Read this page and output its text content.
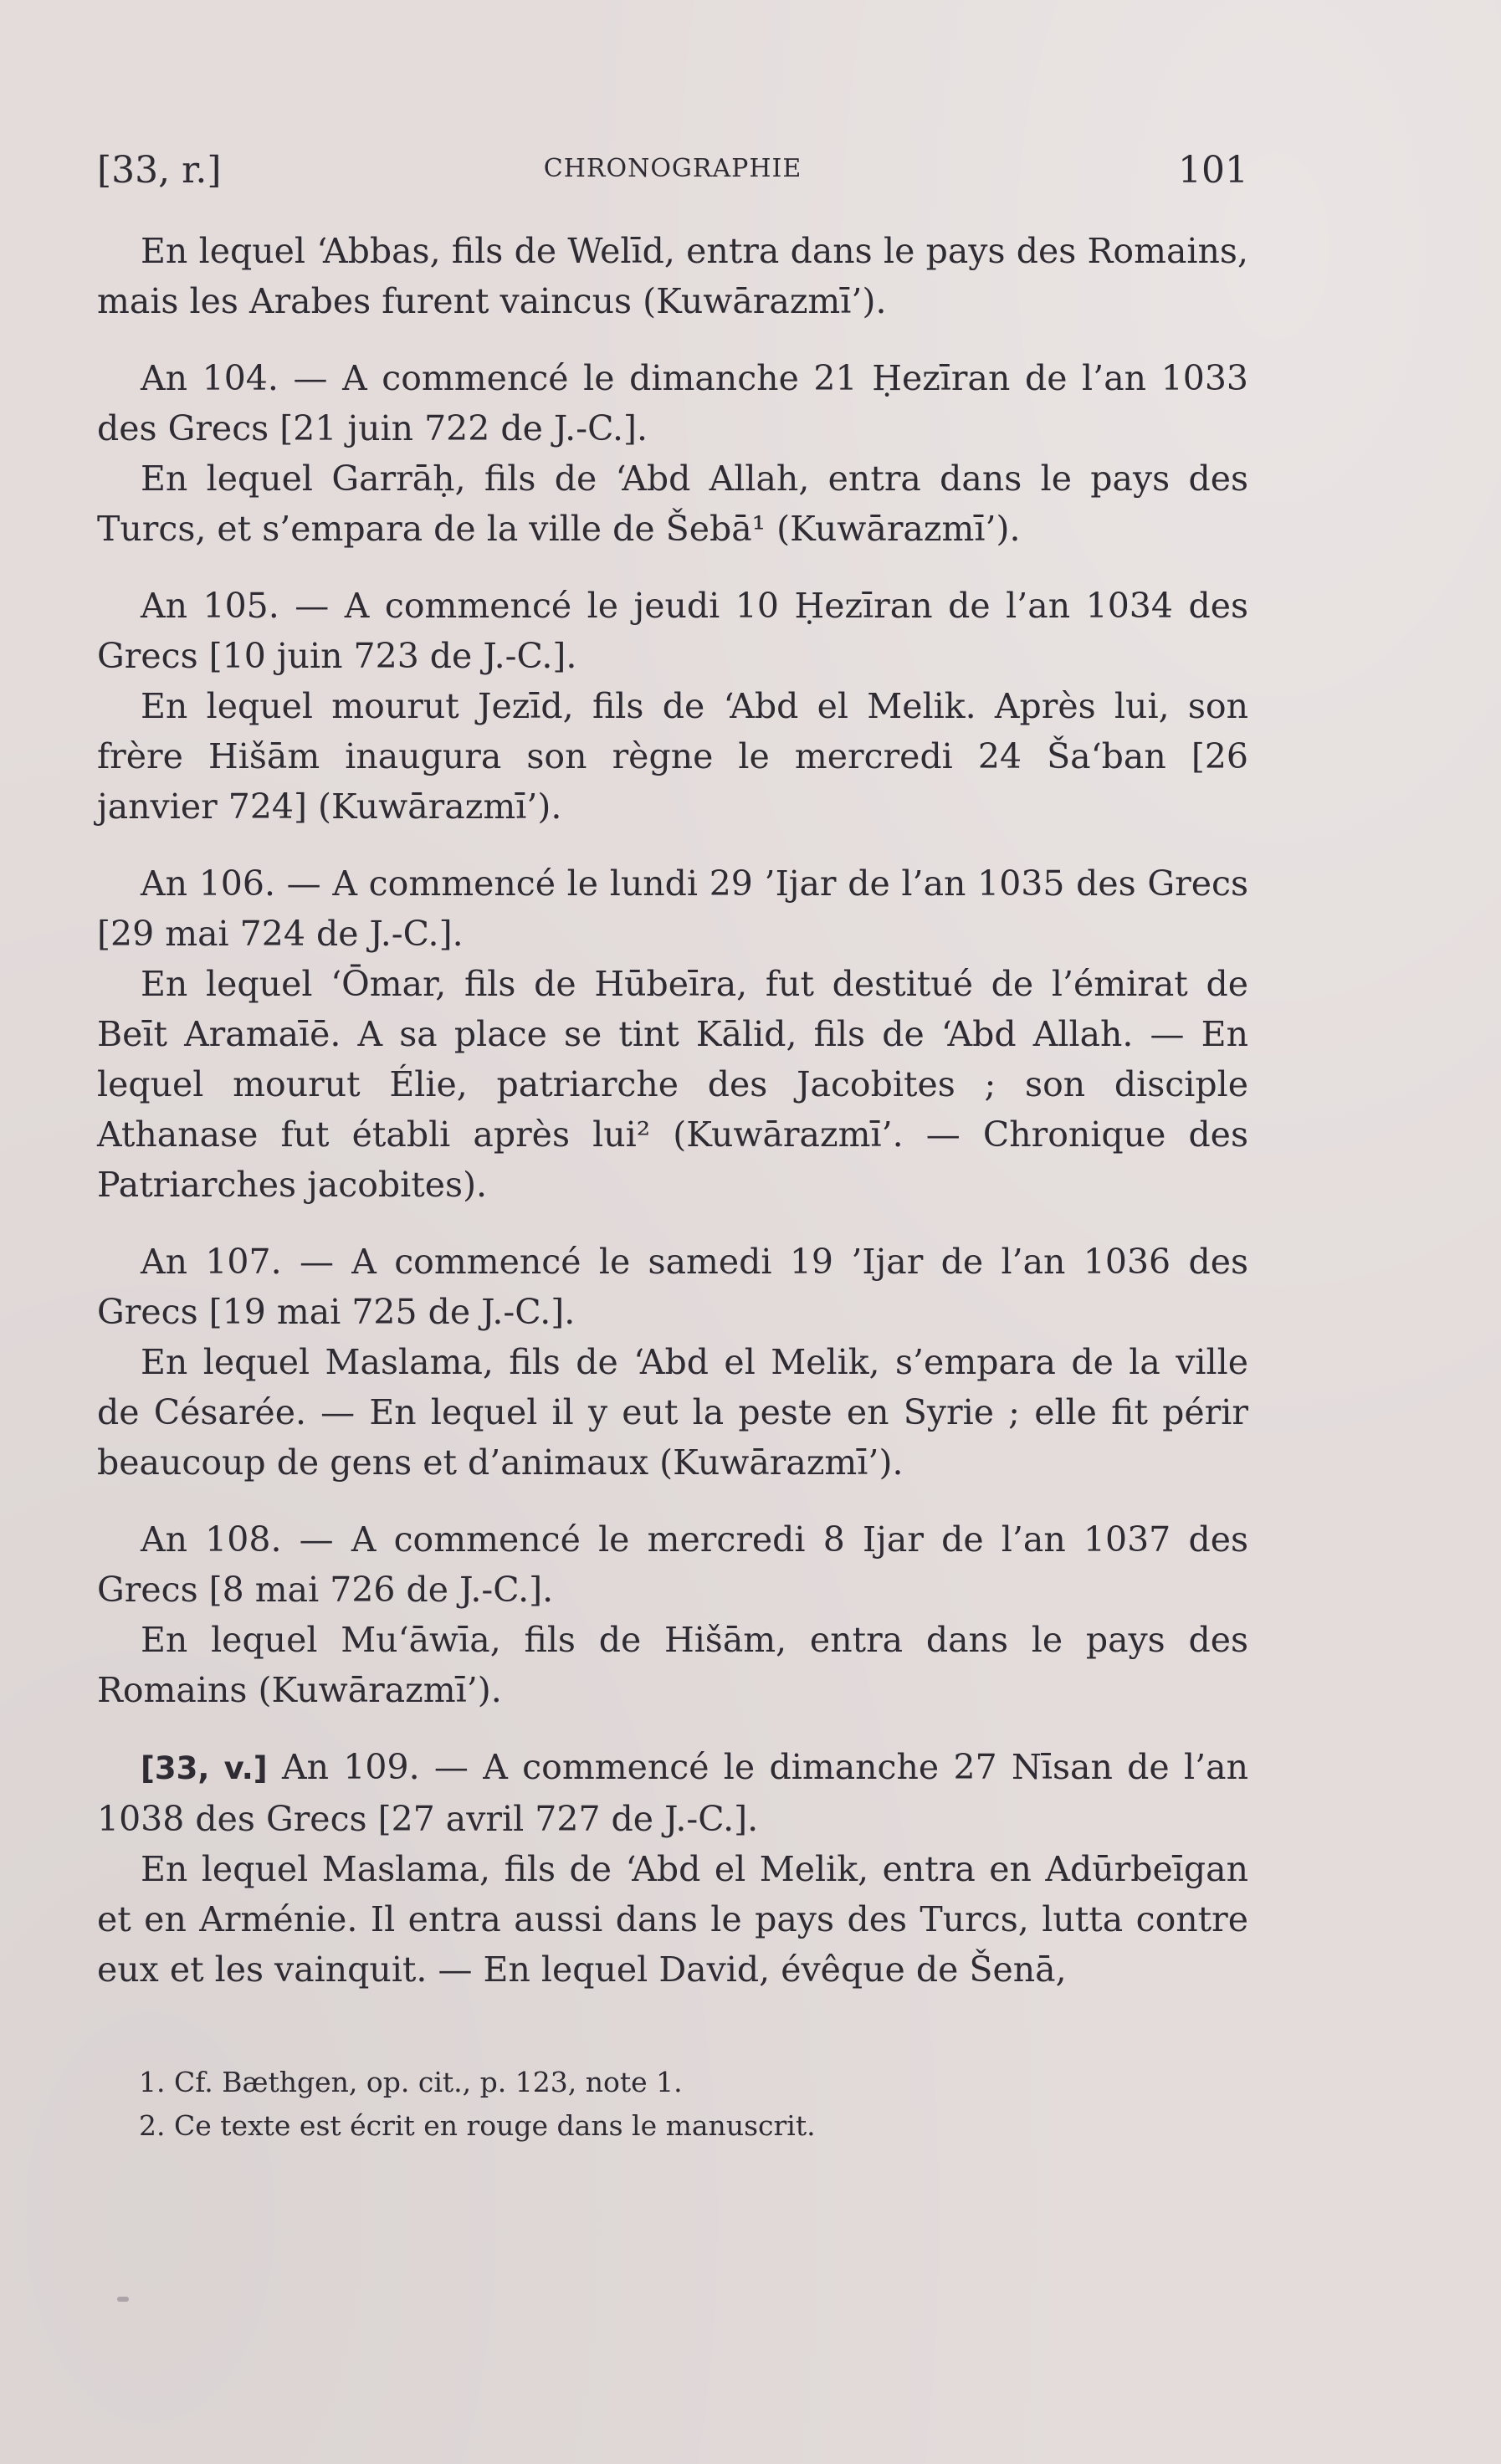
[33, r.]	CHRONOGRAPHIE	101

En lequel ‘Abbas, fils de Welīd, entra dans le pays des Romains, mais les Arabes furent vaincus (Kuwārazmī’).

An 104. — A commencé le dimanche 21 Ḥezīran de l’an 1033 des Grecs [21 juin 722 de J.-C.].

En lequel Garrāḥ, fils de ‘Abd Allah, entra dans le pays des Turcs, et s’empara de la ville de Šebā¹ (Kuwārazmī’).

An 105. — A commencé le jeudi 10 Ḥezīran de l’an 1034 des Grecs [10 juin 723 de J.-C.].

En lequel mourut Jezīd, fils de ‘Abd el Melik. Après lui, son frère Hišām inaugura son règne le mercredi 24 Ša‘ban [26 janvier 724] (Kuwārazmī’).

An 106. — A commencé le lundi 29 ’Ijar de l’an 1035 des Grecs [29 mai 724 de J.-C.].

En lequel ‘Ōmar, fils de Hūbeīra, fut destitué de l’émirat de Beīt Aramaīē. A sa place se tint Kālid, fils de ‘Abd Allah. — En lequel mourut Élie, patriarche des Jacobites ; son disciple Athanase fut établi après lui² (Kuwārazmī’. — Chronique des Patriarches jacobites).

An 107. — A commencé le samedi 19 ’Ijar de l’an 1036 des Grecs [19 mai 725 de J.-C.].

En lequel Maslama, fils de ‘Abd el Melik, s’empara de la ville de Césarée. — En lequel il y eut la peste en Syrie ; elle fit périr beaucoup de gens et d’animaux (Kuwārazmī’).

An 108. — A commencé le mercredi 8 Ijar de l’an 1037 des Grecs [8 mai 726 de J.-C.].

En lequel Mu‘āwīa, fils de Hišām, entra dans le pays des Romains (Kuwārazmī’).

[33, v.] An 109. — A commencé le dimanche 27 Nīsan de l’an 1038 des Grecs [27 avril 727 de J.-C.].

En lequel Maslama, fils de ‘Abd el Melik, entra en Adūrbeīgan et en Arménie. Il entra aussi dans le pays des Turcs, lutta contre eux et les vainquit. — En lequel David, évêque de Šenā,

1. Cf. Bæthgen, op. cit., p. 123, note 1.

2. Ce texte est écrit en rouge dans le manuscrit.
